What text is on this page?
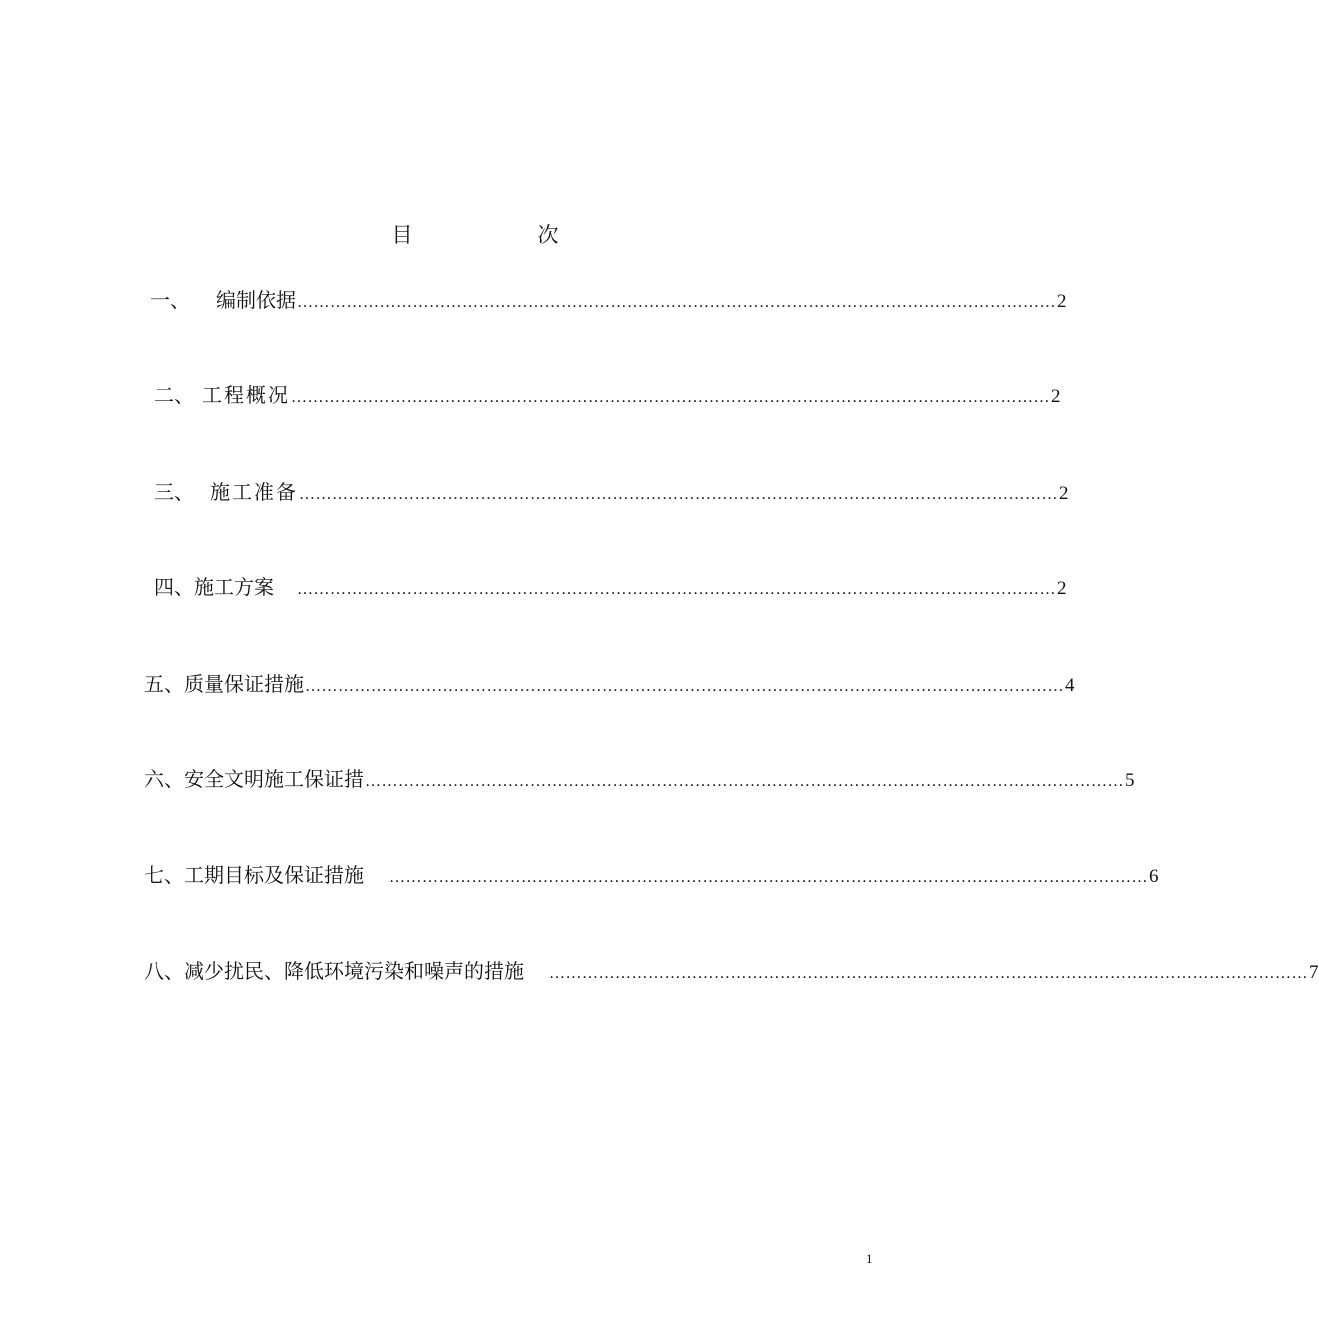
目　次
一、 编制依据 ………………………………………………………………………………………………………………………… 2
二、 工程概况 ………………………………………………………………………………………………………………………… 2
三、 施工准备 ………………………………………………………………………………………………………………………… 2
四、 施工方案 ………………………………………………………………………………………………………………………… 2
五、 质量保证措施 ………………………………………………………………………………………………………………………… 4
六、 安全文明施工保证措 ………………………………………………………………………………………………………………………… 5
七、 工期目标及保证措施 ………………………………………………………………………………………………………………………… 6
八、 减少扰民、降低环境污染和噪声的措施 ………………………………………………………………………………………………………………………… 7
1
